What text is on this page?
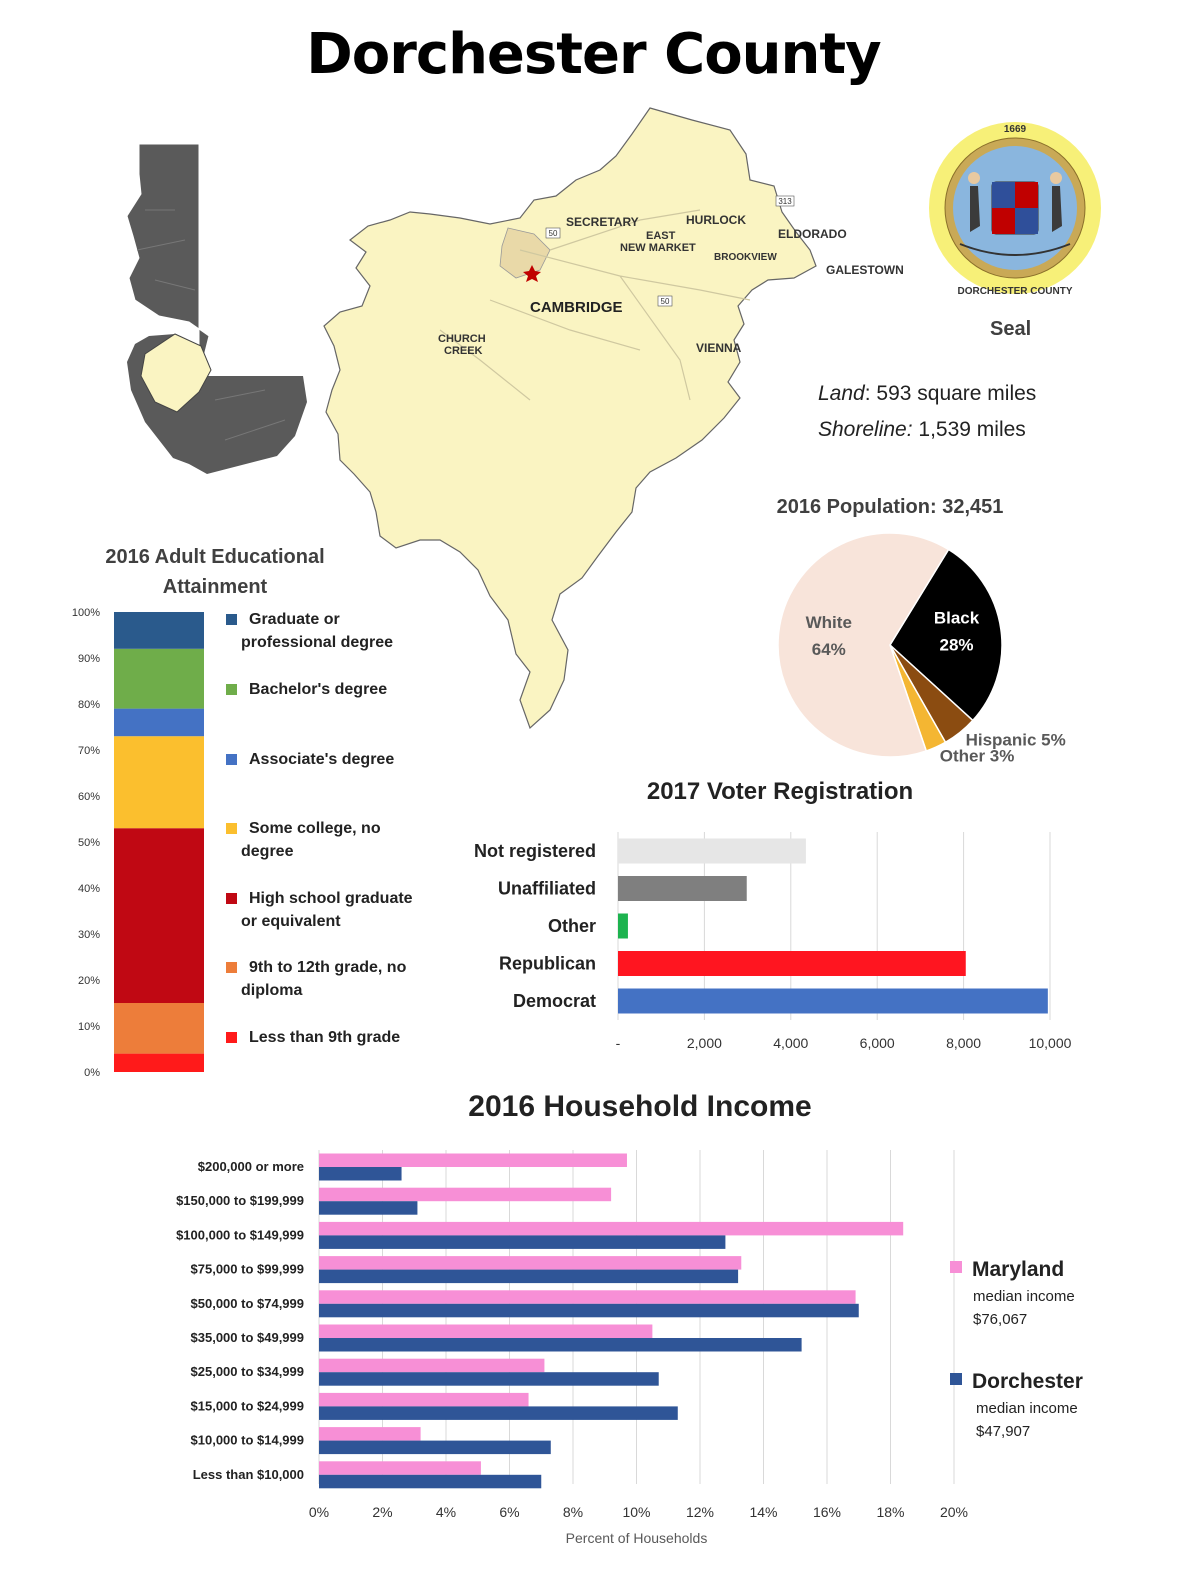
Dorchester County
50
50
313
SECRETARY
EAST
NEW MARKET
HURLOCK
ELDORADO
BROOKVIEW
GALESTOWN
CAMBRIDGE
CHURCH
CREEK	VIENNA
1669
DORCHESTER COUNTY
Seal
Land: 593 square miles
Shoreline: 1,539 miles
2016 Population: 32,451
Black
28%
Hispanic 5%
Other 3%
White
64%
2016 Adult Educational Attainment
0%
10%
20%
30%
40%
50%
60%
70%
80%
90%
100%	Graduate or professional degree
Bachelor's degree
Associate's degree
Some college, no degree
High school graduate or equivalent
9th to 12th grade, no diploma
Less than 9th grade
2017 Voter Registration
-	2,000	4,000	6,000	8,000	10,000
Not registered
Unaffiliated
Other
Republican
Democrat
2016 Household Income
0%	2%	4%	6%	8%	10%	12%	14%	16%	18%	20%
Percent of Households
$200,000 or more
$150,000 to $199,999
$100,000 to $149,999
$75,000 to $99,999
$50,000 to $74,999
$35,000 to $49,999
$25,000 to $34,999
$15,000 to $24,999
$10,000 to $14,999
Less than $10,000
Maryland
median income
$76,067
Dorchester
median income
$47,907
